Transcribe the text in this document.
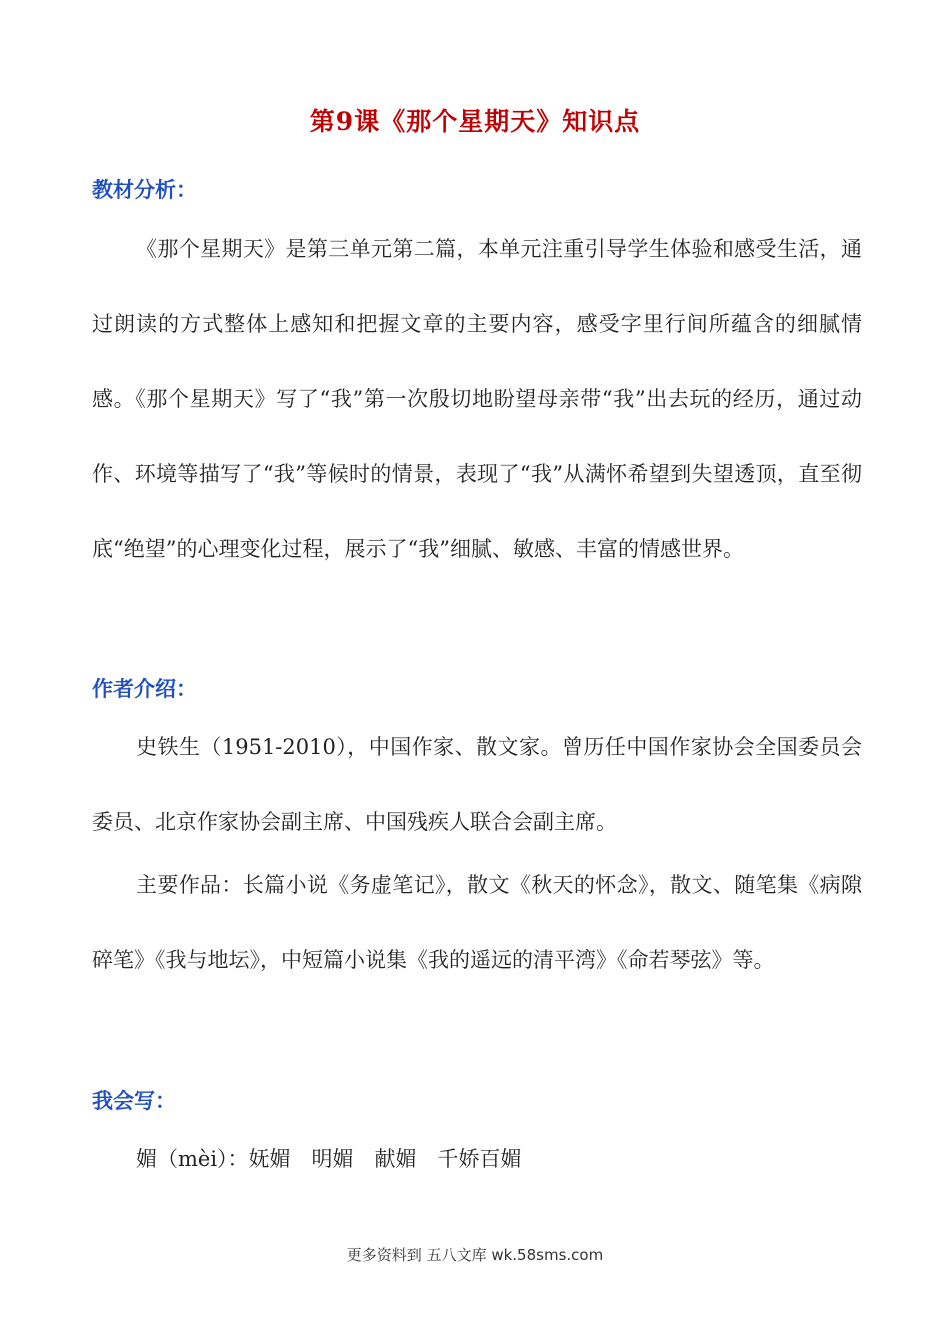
第9课《那个星期天》知识点
教材分析：

《那个星期天》是第三单元第二篇，本单元注重引导学生体验和感受生活，通过朗读的方式整体上感知和把握文章的主要内容，感受字里行间所蕴含的细腻情感。《那个星期天》写了“我”第一次殷切地盼望母亲带“我”出去玩的经历，通过动作、环境等描写了“我”等候时的情景，表现了“我”从满怀希望到失望透顶，直至彻底“绝望”的心理变化过程，展示了“我”细腻、敏感、丰富的情感世界。

作者介绍：

史铁生（1951-2010），中国作家、散文家。曾历任中国作家协会全国委员会委员、北京作家协会副主席、中国残疾人联合会副主席。

主要作品：长篇小说《务虚笔记》，散文《秋天的怀念》，散文、随笔集《病隙碎笔》《我与地坛》，中短篇小说集《我的遥远的清平湾》《命若琴弦》等。

我会写：
媚（mèi）：妩媚　明媚　献媚　千娇百媚
更多资料到 五八文库 wk.58sms.com
